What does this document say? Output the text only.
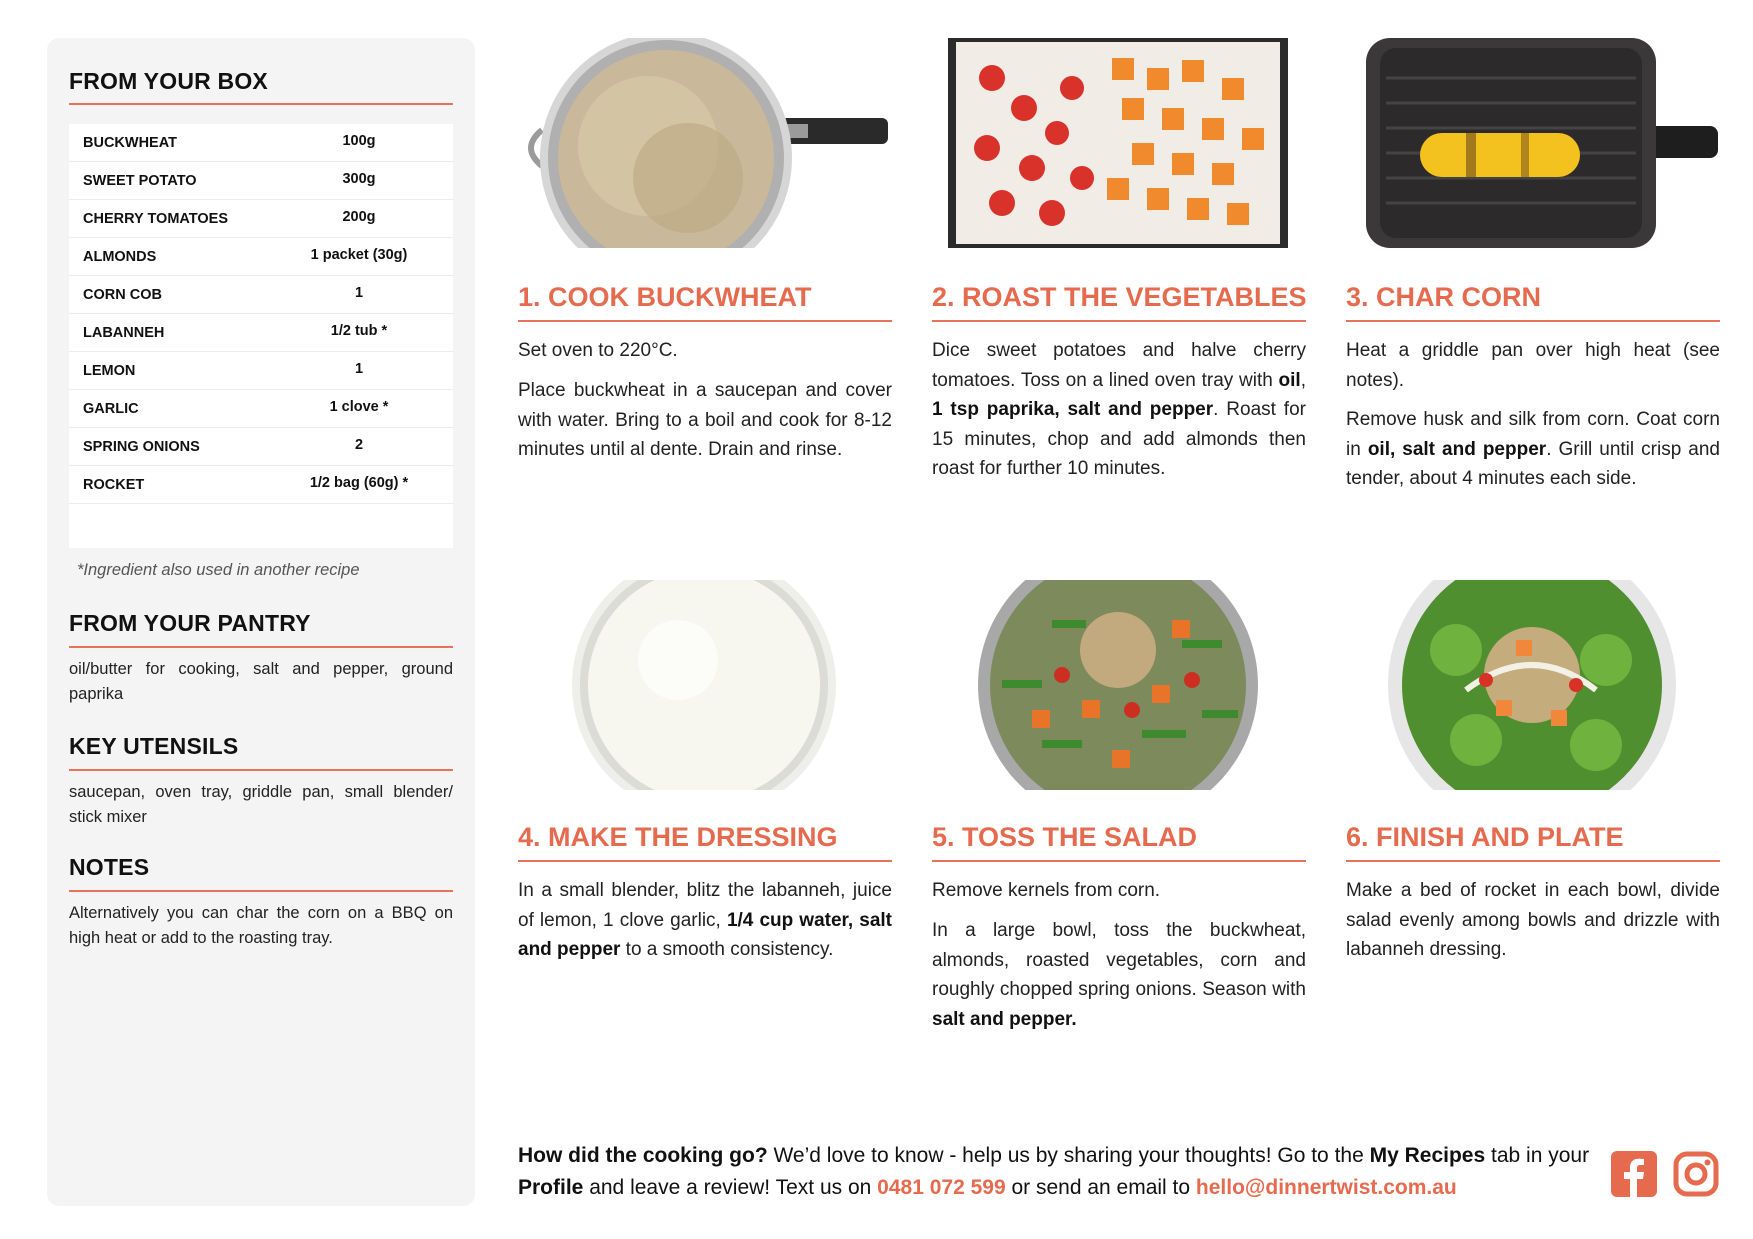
FROM YOUR BOX
BUCKWHEAT	100g
SWEET POTATO	300g
CHERRY TOMATOES	200g
ALMONDS	1 packet (30g)
CORN COB	1
LABANNEH	1/2 tub *
LEMON	1
GARLIC	1 clove *
SPRING ONIONS	2
ROCKET	1/2 bag (60g) *
*Ingredient also used in another recipe
FROM YOUR PANTRY
oil/butter for cooking, salt and pepper, ground paprika
KEY UTENSILS
saucepan, oven tray, griddle pan, small blender/ stick mixer
NOTES
Alternatively you can char the corn on a BBQ on high heat or add to the roasting tray.
1. COOK BUCKWHEAT

Set oven to 220°C.

Place buckwheat in a saucepan and cover with water. Bring to a boil and cook for 8-12 minutes until al dente. Drain and rinse.

2. ROAST THE VEGETABLES

Dice sweet potatoes and halve cherry tomatoes. Toss on a lined oven tray with oil, 1 tsp paprika, salt and pepper. Roast for 15 minutes, chop and add almonds then roast for further 10 minutes.

3. CHAR CORN

Heat a griddle pan over high heat (see notes).

Remove husk and silk from corn. Coat corn in oil, salt and pepper. Grill until crisp and tender, about 4 minutes each side.

4. MAKE THE DRESSING

In a small blender, blitz the labanneh, juice of lemon, 1 clove garlic, 1/4 cup water, salt and pepper to a smooth consistency.

5. TOSS THE SALAD

Remove kernels from corn.

In a large bowl, toss the buckwheat, almonds, roasted vegetables, corn and roughly chopped spring onions. Season with salt and pepper.

6. FINISH AND PLATE

Make a bed of rocket in each bowl, divide salad evenly among bowls and drizzle with labanneh dressing.

How did the cooking go? We’d love to know - help us by sharing your thoughts! Go to the My Recipes tab in your Profile and leave a review! Text us on 0481 072 599 or send an email to hello@dinnertwist.com.au
